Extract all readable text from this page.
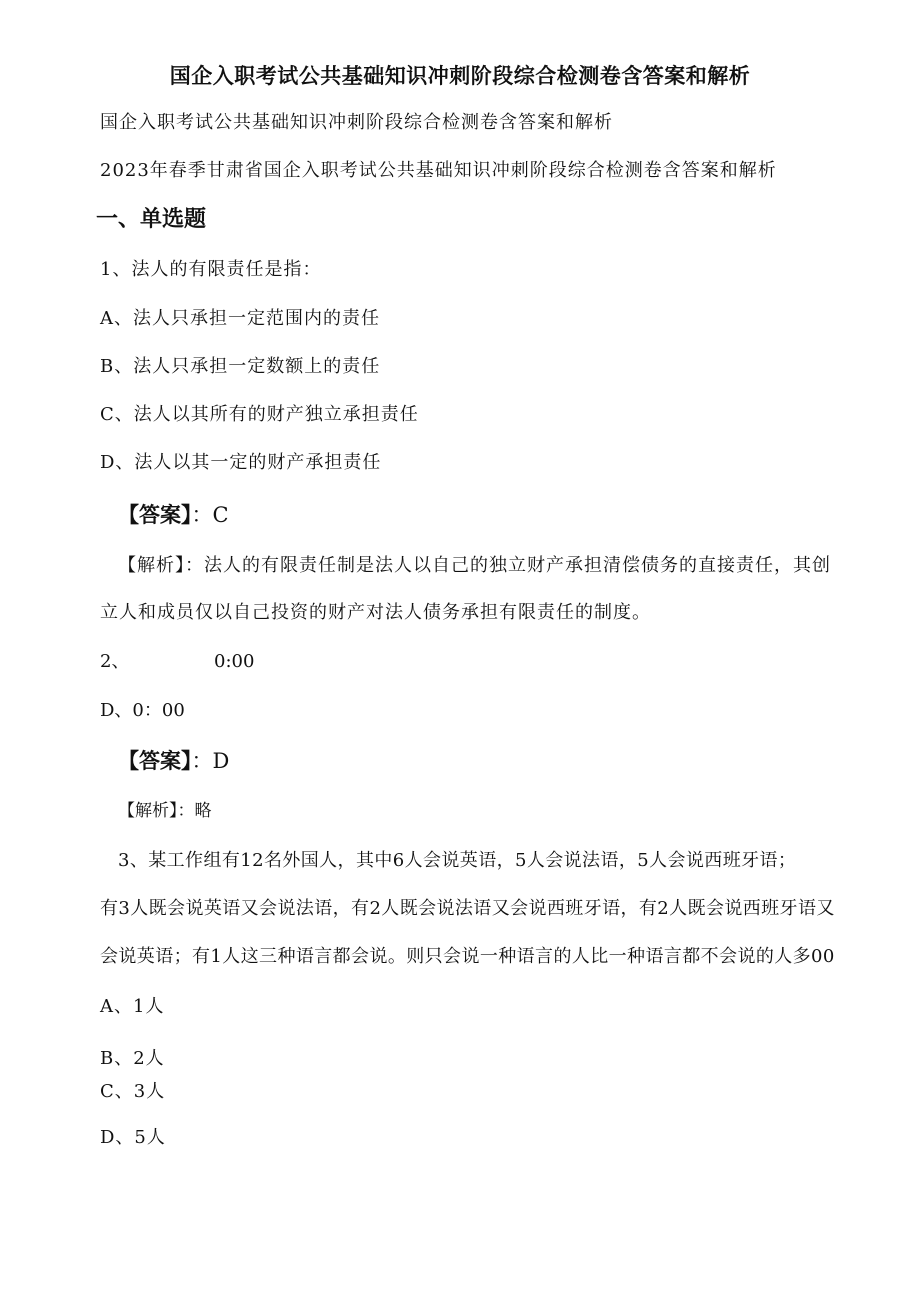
国企入职考试公共基础知识冲刺阶段综合检测卷含答案和解析
国企入职考试公共基础知识冲刺阶段综合检测卷含答案和解析
2023年春季甘肃省国企入职考试公共基础知识冲刺阶段综合检测卷含答案和解析
一、单选题
1、法人的有限责任是指：
A、法人只承担一定范围内的责任
B、法人只承担一定数额上的责任
C、法人以其所有的财产独立承担责任
D、法人以其一定的财产承担责任
【答案】：C
【解析】：法人的有限责任制是法人以自己的独立财产承担清偿债务的直接责任，其创
立人和成员仅以自己投资的财产对法人债务承担有限责任的制度。
2、	0:00
D、0：00
【答案】：D
【解析】：略
3、某工作组有12名外国人，其中6人会说英语，5人会说法语，5人会说西班牙语；
有3人既会说英语又会说法语，有2人既会说法语又会说西班牙语，有2人既会说西班牙语又
会说英语；有1人这三种语言都会说。则只会说一种语言的人比一种语言都不会说的人多00
A、1人
B、2人
C、3人
D、5人
